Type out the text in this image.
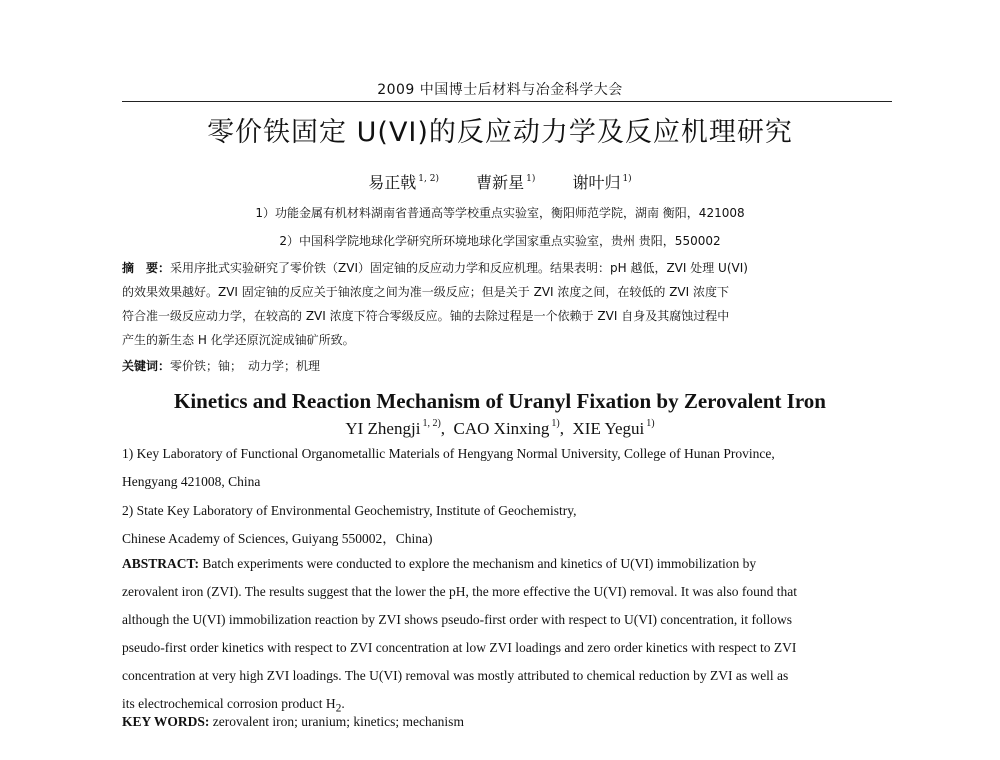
2009 中国博士后材料与冶金科学大会
零价铁固定 U(VI)的反应动力学及反应机理研究
易正戟 $^{1, 2)}$ 曹新星 $^{1)}$ 谢叶归 $^{1)}$
1）功能金属有机材料湖南省普通高等学校重点实验室，衡阳师范学院，湖南 衡阳，421008
2）中国科学院地球化学研究所环境地球化学国家重点实验室，贵州 贵阳，550002
摘　要：采用序批式实验研究了零价铁（ZVI）固定铀的反应动力学和反应机理。结果表明：pH 越低，ZVI 处理 U(VI)
的效果效果越好。ZVI 固定铀的反应关于铀浓度之间为准一级反应；但是关于 ZVI 浓度之间，在较低的 ZVI 浓度下
符合准一级反应动力学，在较高的 ZVI 浓度下符合零级反应。铀的去除过程是一个依赖于 ZVI 自身及其腐蚀过程中
产生的新生态 H 化学还原沉淀成铀矿所致。
关键词：零价铁；铀；　动力学；机理
Kinetics and Reaction Mechanism of Uranyl Fixation by Zerovalent Iron
YI Zhengji $^{1, 2)}$,  CAO Xinxing $^{1)}$,  XIE Yegui $^{1)}$
1) Key Laboratory of Functional Organometallic Materials of Hengyang Normal University, College of Hunan Province,
Hengyang 421008, China
2) State Key Laboratory of Environmental Geochemistry, Institute of Geochemistry,
Chinese Academy of Sciences, Guiyang 550002，China)
ABSTRACT: Batch experiments were conducted to explore the mechanism and kinetics of U(VI) immobilization by
zerovalent iron (ZVI). The results suggest that the lower the pH, the more effective the U(VI) removal. It was also found that
although the U(VI) immobilization reaction by ZVI shows pseudo-first order with respect to U(VI) concentration, it follows
pseudo-first order kinetics with respect to ZVI concentration at low ZVI loadings and zero order kinetics with respect to ZVI
concentration at very high ZVI loadings. The U(VI) removal was mostly attributed to chemical reduction by ZVI as well as
its electrochemical corrosion product $H_2$.
KEY WORDS: zerovalent iron; uranium; kinetics; mechanism
